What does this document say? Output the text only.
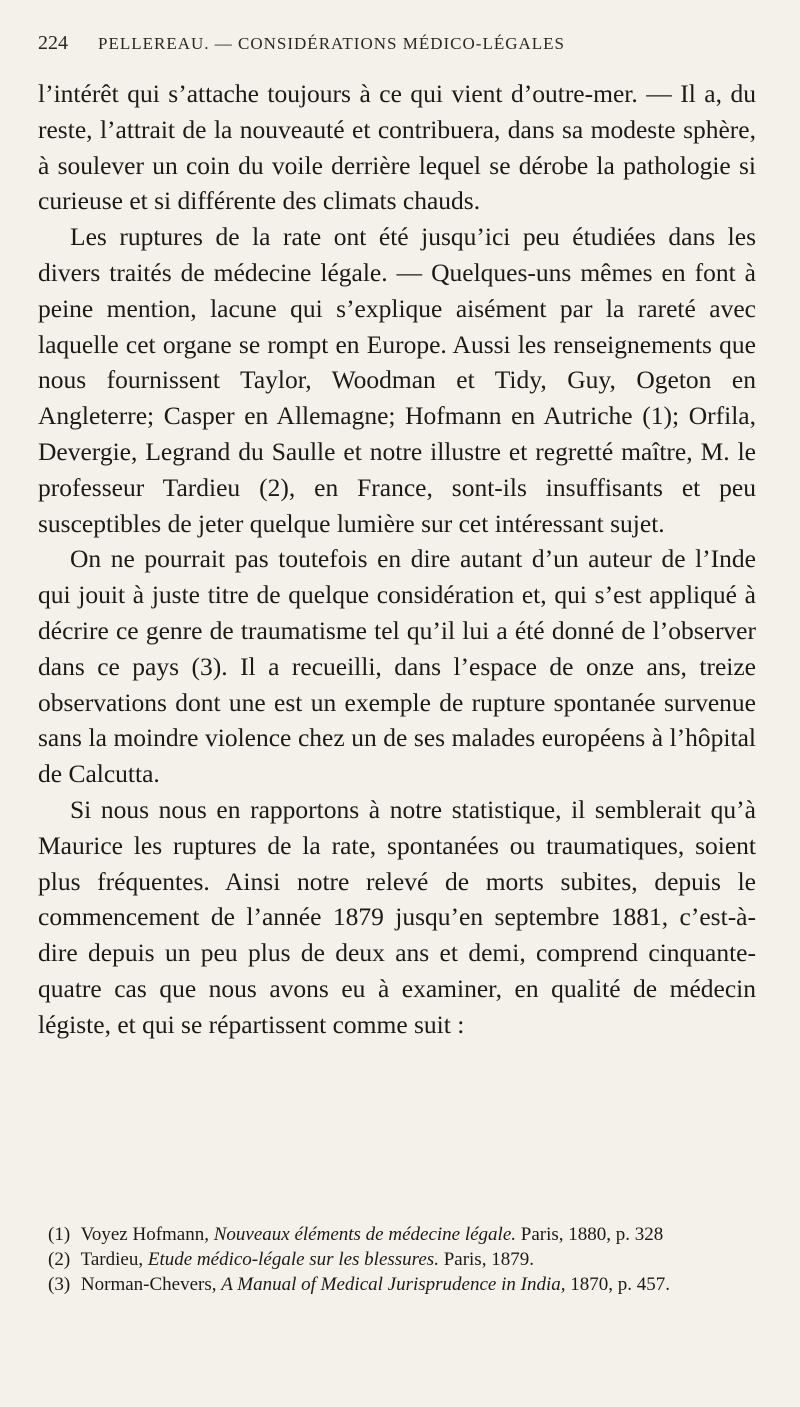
224 PELLEREAU. — CONSIDÉRATIONS MÉDICO-LÉGALES

l’intérêt qui s’attache toujours à ce qui vient d’outre-mer. — Il a, du reste, l’attrait de la nouveauté et contribuera, dans sa modeste sphère, à soulever un coin du voile derrière lequel se dérobe la pathologie si curieuse et si différente des climats chauds.

Les ruptures de la rate ont été jusqu’ici peu étudiées dans les divers traités de médecine légale. — Quelques-uns mêmes en font à peine mention, lacune qui s’explique aisément par la rareté avec laquelle cet organe se rompt en Europe. Aussi les renseignements que nous fournissent Taylor, Woodman et Tidy, Guy, Ogeton en Angleterre; Casper en Allemagne; Hofmann en Autriche (1); Orfila, Devergie, Legrand du Saulle et notre illustre et regretté maître, M. le professeur Tardieu (2), en France, sont-ils insuffisants et peu susceptibles de jeter quelque lumière sur cet intéressant sujet.

On ne pourrait pas toutefois en dire autant d’un auteur de l’Inde qui jouit à juste titre de quelque considération et, qui s’est appliqué à décrire ce genre de traumatisme tel qu’il lui a été donné de l’observer dans ce pays (3). Il a recueilli, dans l’espace de onze ans, treize observations dont une est un exemple de rupture spontanée survenue sans la moindre violence chez un de ses malades européens à l’hôpital de Calcutta.

Si nous nous en rapportons à notre statistique, il semblerait qu’à Maurice les ruptures de la rate, spontanées ou traumatiques, soient plus fréquentes. Ainsi notre relevé de morts subites, depuis le commencement de l’année 1879 jusqu’en septembre 1881, c’est-à-dire depuis un peu plus de deux ans et demi, comprend cinquante-quatre cas que nous avons eu à examiner, en qualité de médecin légiste, et qui se répartissent comme suit :

(1) Voyez Hofmann, Nouveaux éléments de médecine légale. Paris, 1880, p. 328

(2) Tardieu, Etude médico-légale sur les blessures. Paris, 1879.

(3) Norman-Chevers, A Manual of Medical Jurisprudence in India, 1870, p. 457.
